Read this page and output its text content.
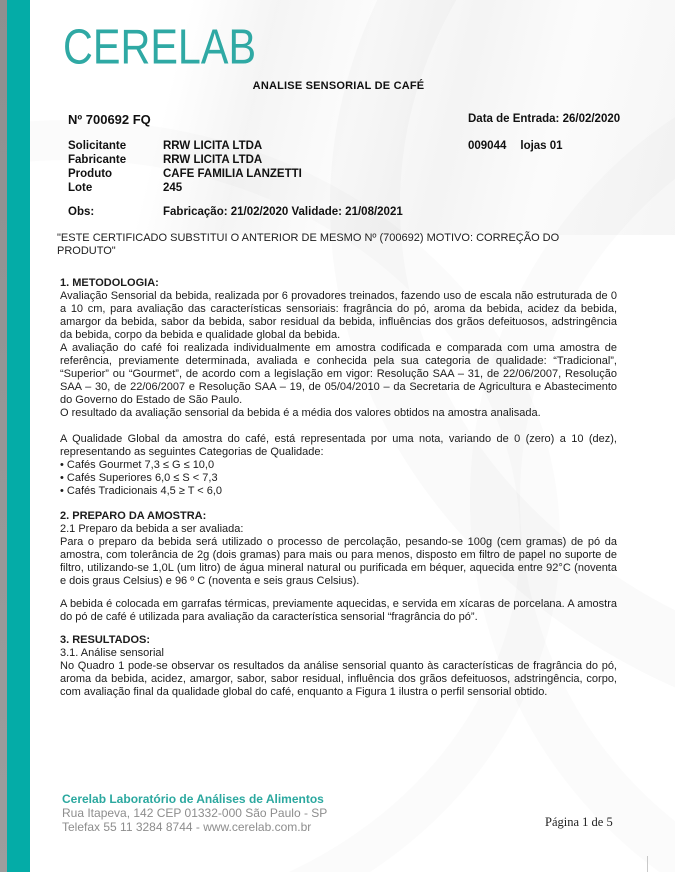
CERELAB
ANALISE SENSORIAL DE CAFÉ
Nº 700692 FQ	Data de Entrada: 26/02/2020
009044 lojas 01
Solicitante	RRW LICITA LTDA
Fabricante	RRW LICITA LTDA
Produto	CAFE FAMILIA LANZETTI
Lote	245
Obs:	Fabricação: 21/02/2020 Validade: 21/08/2021
"ESTE CERTIFICADO SUBSTITUI O ANTERIOR DE MESMO Nº (700692) MOTIVO: CORREÇÃO DO PRODUTO"
1. METODOLOGIA:

Avaliação Sensorial da bebida, realizada por 6 provadores treinados, fazendo uso de escala não estruturada de 0 a 10 cm, para avaliação das características sensoriais: fragrância do pó, aroma da bebida, acidez da bebida, amargor da bebida, sabor da bebida, sabor residual da bebida, influências dos grãos defeituosos, adstringência da bebida, corpo da bebida e qualidade global da bebida.

A avaliação do café foi realizada individualmente em amostra codificada e comparada com uma amostra de referência, previamente determinada, avaliada e conhecida pela sua categoria de qualidade: “Tradicional”, “Superior” ou “Gourmet”, de acordo com a legislação em vigor: Resolução SAA – 31, de 22/06/2007, Resolução SAA – 30, de 22/06/2007 e Resolução SAA – 19, de 05/04/2010 – da Secretaria de Agricultura e Abastecimento do Governo do Estado de São Paulo.

O resultado da avaliação sensorial da bebida é a média dos valores obtidos na amostra analisada.

A Qualidade Global da amostra do café, está representada por uma nota, variando de 0 (zero) a 10 (dez), representando as seguintes Categorias de Qualidade:

• Cafés Gourmet 7,3 ≤ G ≤ 10,0
• Cafés Superiores 6,0 ≤ S < 7,3
• Cafés Tradicionais 4,5 ≥ T < 6,0
2. PREPARO DA AMOSTRA:
2.1 Preparo da bebida a ser avaliada:

Para o preparo da bebida será utilizado o processo de percolação, pesando-se 100g (cem gramas) de pó da amostra, com tolerância de 2g (dois gramas) para mais ou para menos, disposto em filtro de papel no suporte de filtro, utilizando-se 1,0L (um litro) de água mineral natural ou purificada em béquer, aquecida entre 92°C (noventa e dois graus Celsius) e 96 º C (noventa e seis graus Celsius).

A bebida é colocada em garrafas térmicas, previamente aquecidas, e servida em xícaras de porcelana. A amostra do pó de café é utilizada para avaliação da característica sensorial “fragrância do pó”.

3. RESULTADOS:
3.1. Análise sensorial

No Quadro 1 pode-se observar os resultados da análise sensorial quanto às características de fragrância do pó, aroma da bebida, acidez, amargor, sabor, sabor residual, influência dos grãos defeituosos, adstringência, corpo, com avaliação final da qualidade global do café, enquanto a Figura 1 ilustra o perfil sensorial obtido.

Cerelab Laboratório de Análises de Alimentos
Rua Itapeva, 142 CEP 01332-000 São Paulo - SP
Telefax 55 11 3284 8744 - www.cerelab.com.br	Página 1 de 5
